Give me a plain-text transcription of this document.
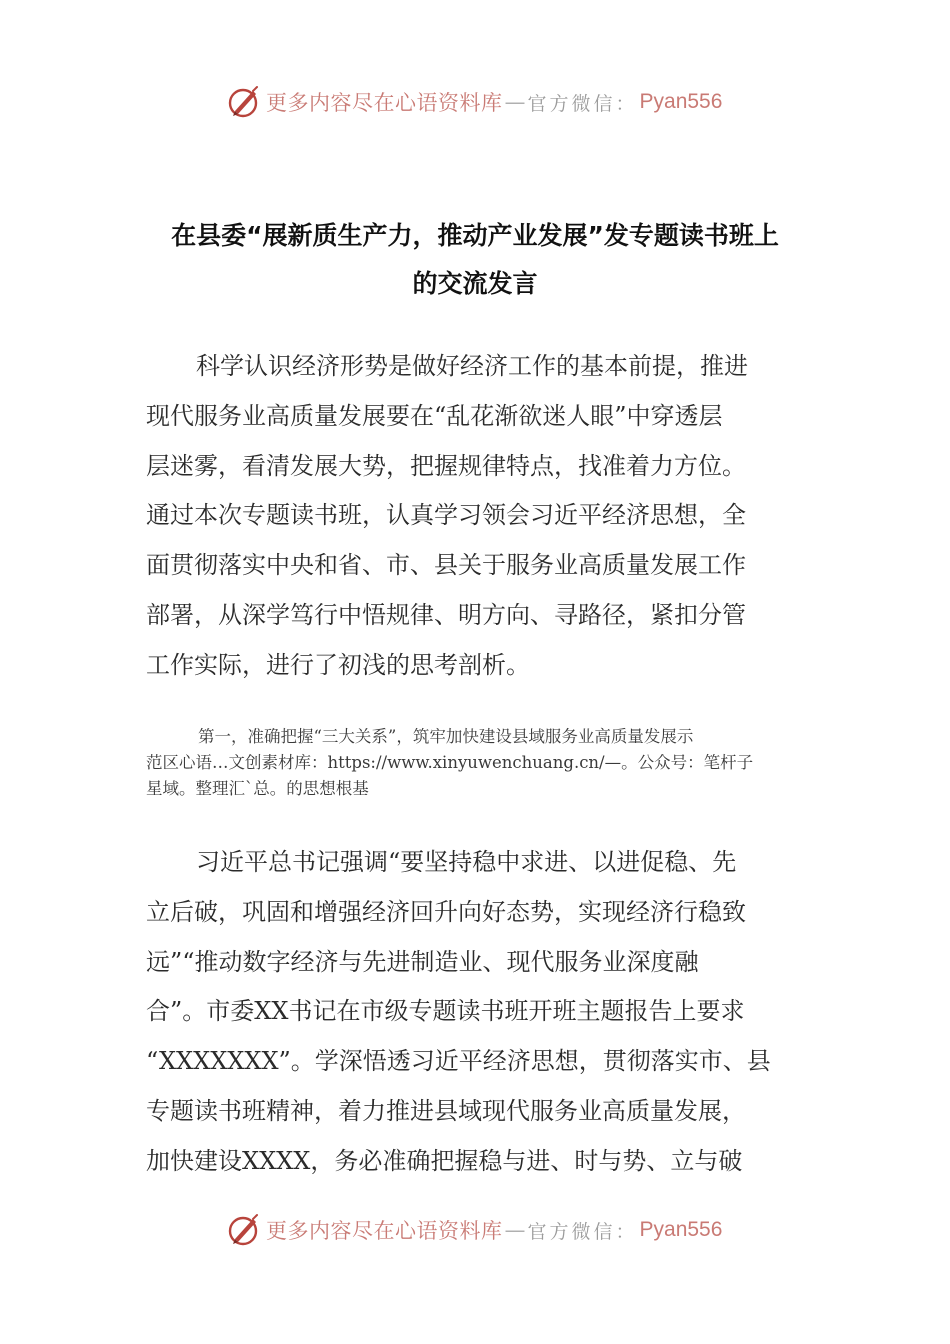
更多内容尽在心语资料库 — 官方微信： Pyan556
在县委“展新质生产力，推动产业发展”发专题读书班上
的交流发言
科学认识经济形势是做好经济工作的基本前提，推进
现代服务业高质量发展要在“乱花渐欲迷人眼”中穿透层
层迷雾，看清发展大势，把握规律特点，找准着力方位。
通过本次专题读书班，认真学习领会习近平经济思想，全
面贯彻落实中央和省、市、县关于服务业高质量发展工作
部署，从深学笃行中悟规律、明方向、寻路径，紧扣分管
工作实际，进行了初浅的思考剖析。
第一，准确把握“三大关系”，筑牢加快建设县域服务业高质量发展示
范区心语…文创素材库：https://www.xinyuwenchuang.cn/—。公众号：笔杆子
星域。整理汇`总。的思想根基
习近平总书记强调“要坚持稳中求进、以进促稳、先
立后破，巩固和增强经济回升向好态势，实现经济行稳致
远”“推动数字经济与先进制造业、现代服务业深度融
合”。市委XX书记在市级专题读书班开班主题报告上要求
“XXXXXXX”。学深悟透习近平经济思想，贯彻落实市、县
专题读书班精神，着力推进县域现代服务业高质量发展，
加快建设XXXX，务必准确把握稳与进、时与势、立与破
更多内容尽在心语资料库 — 官方微信： Pyan556
